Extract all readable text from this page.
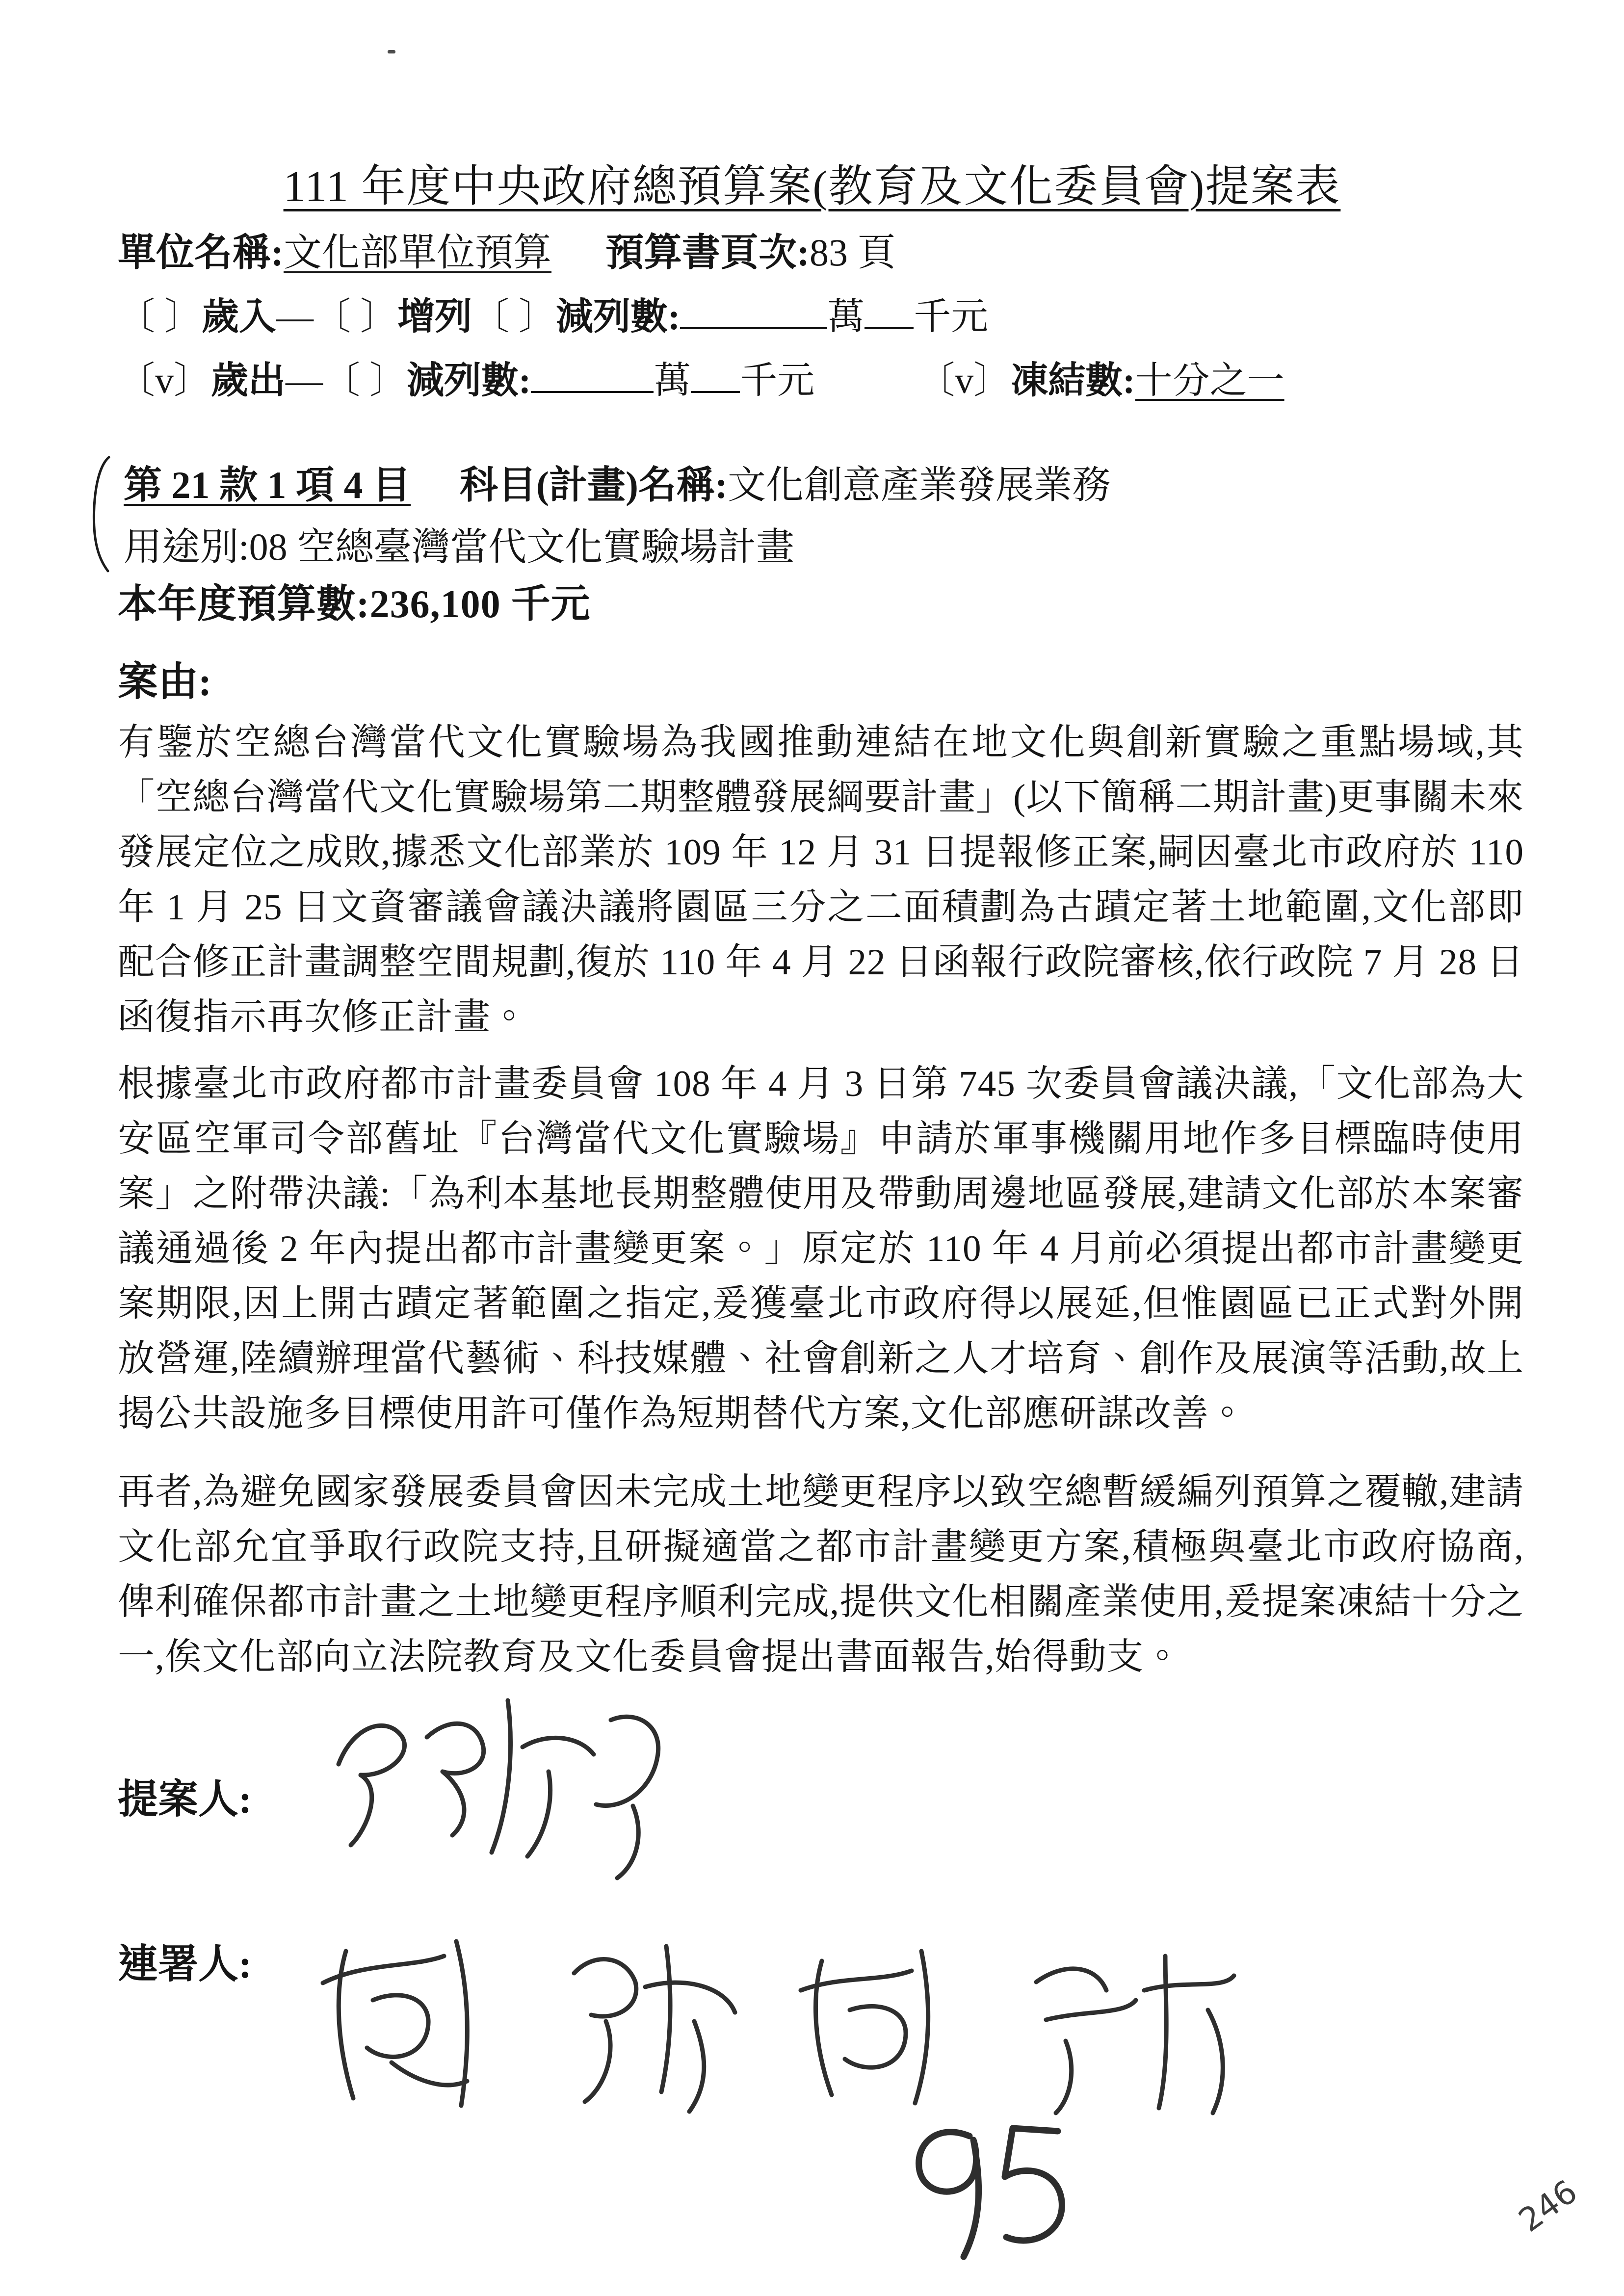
111 年度中央政府總預算案(教育及文化委員會)提案表
單位名稱:文化部單位預算 預算書頁次:83 頁
〔 〕歲入—〔 〕增列〔 〕減列數:	萬 千元
〔v〕歲出—〔 〕減列數:	萬 千元	〔v〕凍結數:十分之一
第 21 款 1 項 4 目 科目(計畫)名稱:文化創意產業發展業務
用途別:08 空總臺灣當代文化實驗場計畫
本年度預算數:236,100 千元
案由:
有鑒於空總台灣當代文化實驗場為我國推動連結在地文化與創新實驗之重點場域,其「空總台灣當代文化實驗場第二期整體發展綱要計畫」(以下簡稱二期計畫)更事關未來發展定位之成敗,據悉文化部業於 109 年 12 月 31 日提報修正案,嗣因臺北市政府於 110 年 1 月 25 日文資審議會議決議將園區三分之二面積劃為古蹟定著土地範圍,文化部即配合修正計畫調整空間規劃,復於 110 年 4 月 22 日函報行政院審核,依行政院 7 月 28 日函復指示再次修正計畫。
根據臺北市政府都市計畫委員會 108 年 4 月 3 日第 745 次委員會議決議,「文化部為大安區空軍司令部舊址『台灣當代文化實驗場』申請於軍事機關用地作多目標臨時使用案」之附帶決議:「為利本基地長期整體使用及帶動周邊地區發展,建請文化部於本案審議通過後 2 年內提出都市計畫變更案。」原定於 110 年 4 月前必須提出都市計畫變更案期限,因上開古蹟定著範圍之指定,爰獲臺北市政府得以展延,但惟園區已正式對外開放營運,陸續辦理當代藝術、科技媒體、社會創新之人才培育、創作及展演等活動,故上揭公共設施多目標使用許可僅作為短期替代方案,文化部應研謀改善。
再者,為避免國家發展委員會因未完成土地變更程序以致空總暫緩編列預算之覆轍,建請文化部允宜爭取行政院支持,且研擬適當之都市計畫變更方案,積極與臺北市政府協商,俾利確保都市計畫之土地變更程序順利完成,提供文化相關產業使用,爰提案凍結十分之一,俟文化部向立法院教育及文化委員會提出書面報告,始得動支。
提案人:
連署人:
246
